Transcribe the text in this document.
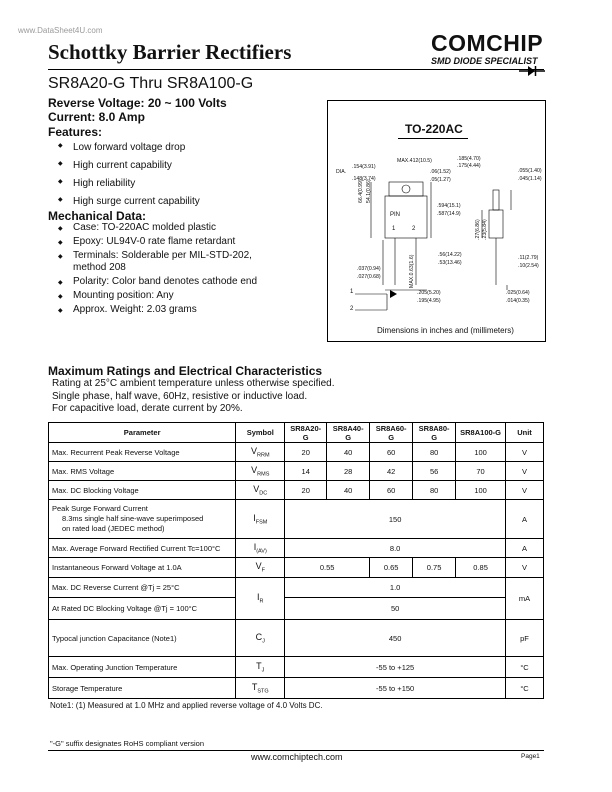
www.DataSheet4U.com
Schottky Barrier Rectifiers	COMCHIP
SMD DIODE SPECIALIST
SR8A20-G Thru SR8A100-G
Reverse Voltage: 20 ~ 100 Volts
Current: 8.0 Amp
Features:
◆ Low forward voltage drop
◆ High current capability
◆ High reliability
◆ High surge current capability
Mechanical Data:
◆ Case: TO-220AC molded plastic
◆ Epoxy: UL94V-0 rate flame retardant
◆ Terminals: Solderable per MIL-STD-202,
method 208
◆ Polarity: Color band denotes cathode end
◆ Mounting position: Any
◆ Approx. Weight: 2.03 grams
TO-220AC
DIA.
.154(3.91)
.148(3.74)
MAX.412(10.5)	.185(4.70)
.175(4.44)
.055(1.40)
.045(1.14)
.06(1.52)
.05(1.27)
.594(15.1)
.587(14.9)
66.4(0.99) 54.1(0.86)
PIN
1	2	.27(6.86) .23(5.84)
.56(14.22)
.53(13.46)
.11(2.79)
.10(2.54)
.037(0.94)
.027(0.68)	MAX.0.63(1.6)
.205(5.20)
.195(4.95)
.025(0.64)
.014(0.35)
1
2
Dimensions in inches and (millimeters)
Maximum Ratings and Electrical Characteristics
Rating at 25°C ambient temperature unless otherwise specified.
Single phase, half wave, 60Hz, resistive or inductive load.
For capacitive load, derate current by 20%.
Parameter	Symbol	SR8A20-G	SR8A40-G	SR8A60-G	SR8A80-G	SR8A100-G	Unit
Max. Recurrent Peak Reverse Voltage	$V_{RRM}$	20	40	60	80	100	V
Max. RMS Voltage	$V_{RMS}$	14	28	42	56	70	V
Max. DC Blocking Voltage	$V_{DC}$	20	40	60	80	100	V

Peak Surge Forward Current
8.3ms single half sine-wave superimposed
on rated load (JEDEC method)	$I_{FSM}$	150					A
Max. Average Forward Rectified Current Tc=100°C	$I_{(AV)}$	8.0					A
Instantaneous Forward Voltage at 1.0A	$V_F$	0.55		0.65	0.75	0.85	V
Max. DC Reverse Current @Tj = 25°C	$I_R$	1.0					mA
At Rated DC Blocking Voltage @Tj = 100°C		50					
Typocal junction Capacitance (Note1)	$C_J$	450					pF
Max. Operating Junction Temperature	$T_J$	-55 to +125					°C
Storage Temperature	$T_{STG}$	-55 to +150					°C
Note1: (1) Measured at 1.0 MHz and applied reverse voltage of 4.0 Volts DC.
"-G" suffix designates RoHS compliant version
www.comchiptech.com	Page1
